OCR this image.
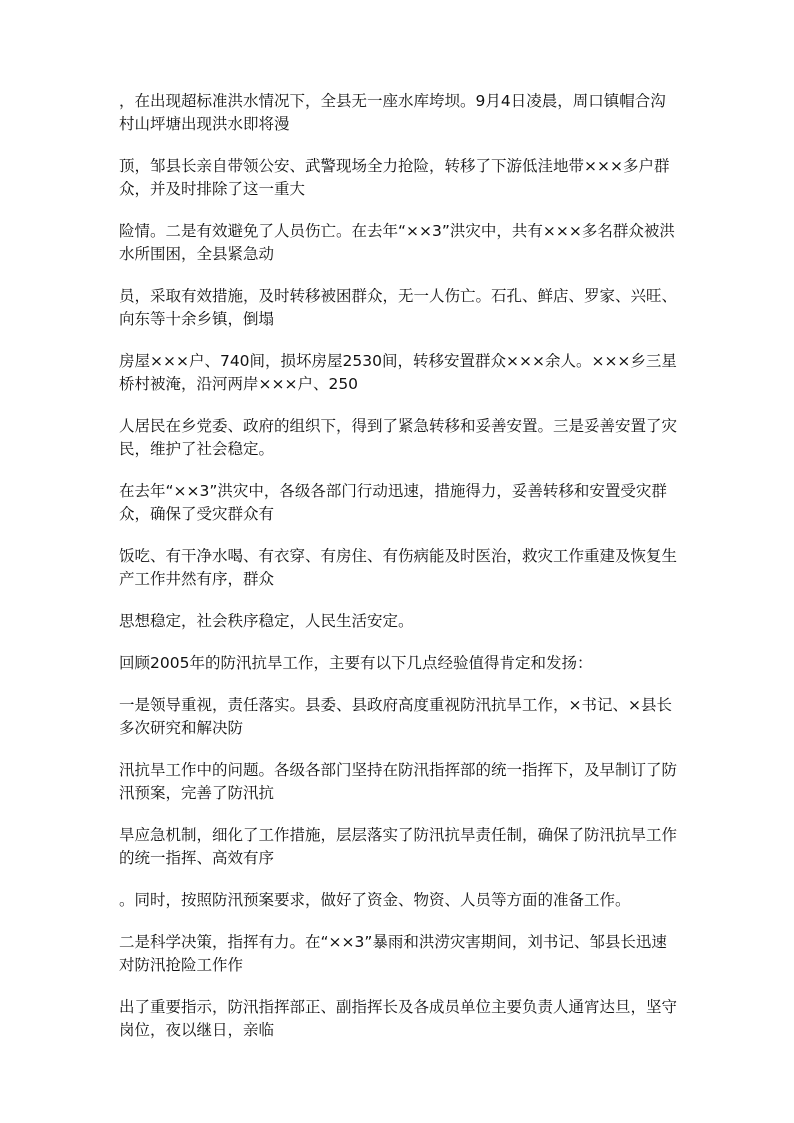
，在出现超标准洪水情况下，全县无一座水库垮坝。9月4日凌晨，周口镇帽合沟村山坪塘出现洪水即将漫

顶，邹县长亲自带领公安、武警现场全力抢险，转移了下游低洼地带×××多户群众，并及时排除了这一重大

险情。二是有效避免了人员伤亡。在去年“××3”洪灾中，共有×××多名群众被洪水所围困，全县紧急动

员，采取有效措施，及时转移被困群众，无一人伤亡。石孔、鲜店、罗家、兴旺、向东等十余乡镇，倒塌

房屋×××户、740间，损坏房屋2530间，转移安置群众×××余人。×××乡三星桥村被淹，沿河两岸×××户、250

人居民在乡党委、政府的组织下，得到了紧急转移和妥善安置。三是妥善安置了灾民，维护了社会稳定。

在去年“××3”洪灾中，各级各部门行动迅速，措施得力，妥善转移和安置受灾群众，确保了受灾群众有

饭吃、有干净水喝、有衣穿、有房住、有伤病能及时医治，救灾工作重建及恢复生产工作井然有序，群众

思想稳定，社会秩序稳定，人民生活安定。

回顾2005年的防汛抗旱工作，主要有以下几点经验值得肯定和发扬：

一是领导重视，责任落实。县委、县政府高度重视防汛抗旱工作，×书记、×县长多次研究和解决防

汛抗旱工作中的问题。各级各部门坚持在防汛指挥部的统一指挥下，及早制订了防汛预案，完善了防汛抗

旱应急机制，细化了工作措施，层层落实了防汛抗旱责任制，确保了防汛抗旱工作的统一指挥、高效有序

。同时，按照防汛预案要求，做好了资金、物资、人员等方面的准备工作。

二是科学决策，指挥有力。在“××3”暴雨和洪涝灾害期间，刘书记、邹县长迅速对防汛抢险工作作

出了重要指示，防汛指挥部正、副指挥长及各成员单位主要负责人通宵达旦，坚守岗位，夜以继日，亲临
